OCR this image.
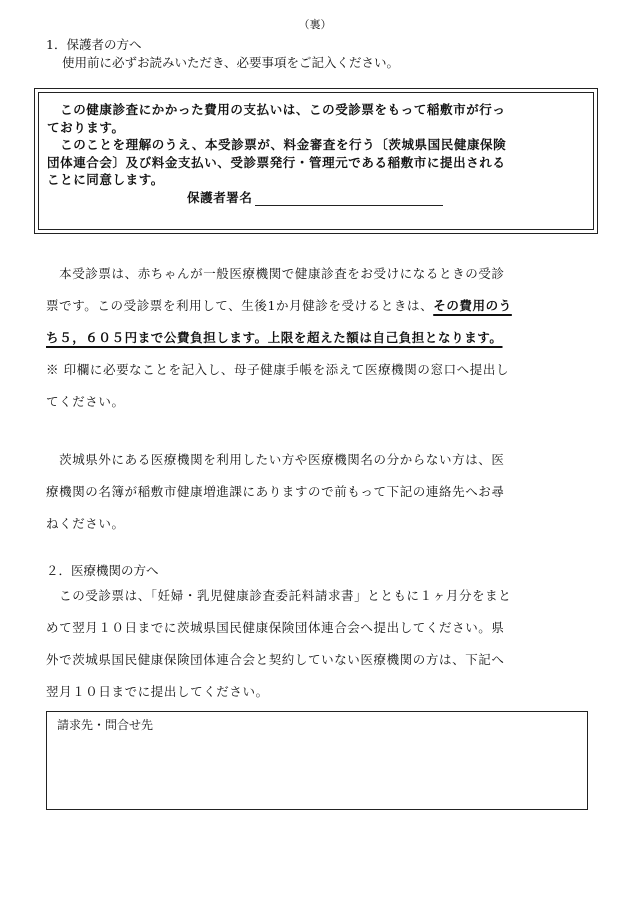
（裏）
1．保護者の方へ
使用前に必ずお読みいただき、必要事項をご記入ください。
　この健康診査にかかった費用の支払いは、この受診票をもって稲敷市が行っ
ております。
　このことを理解のうえ、本受診票が、料金審査を行う〔茨城県国民健康保険
団体連合会〕及び料金支払い、受診票発行・管理元である稲敷市に提出される
ことに同意します。
保護者署名
　本受診票は、赤ちゃんが一般医療機関で健康診査をお受けになるときの受診
票です。この受診票を利用して、生後1か月健診を受けるときは、その費用のう
ち５，６０５円まで公費負担します。上限を超えた額は自己負担となります。
※ 印欄に必要なことを記入し、母子健康手帳を添えて医療機関の窓口へ提出し
てください。
　茨城県外にある医療機関を利用したい方や医療機関名の分からない方は、医
療機関の名簿が稲敷市健康増進課にありますので前もって下記の連絡先へお尋
ねください。
２．医療機関の方へ
　この受診票は、「妊婦・乳児健康診査委託料請求書」とともに１ヶ月分をまと
めて翌月１０日までに茨城県国民健康保険団体連合会へ提出してください。県
外で茨城県国民健康保険団体連合会と契約していない医療機関の方は、下記へ
翌月１０日までに提出してください。
請求先・問合せ先
